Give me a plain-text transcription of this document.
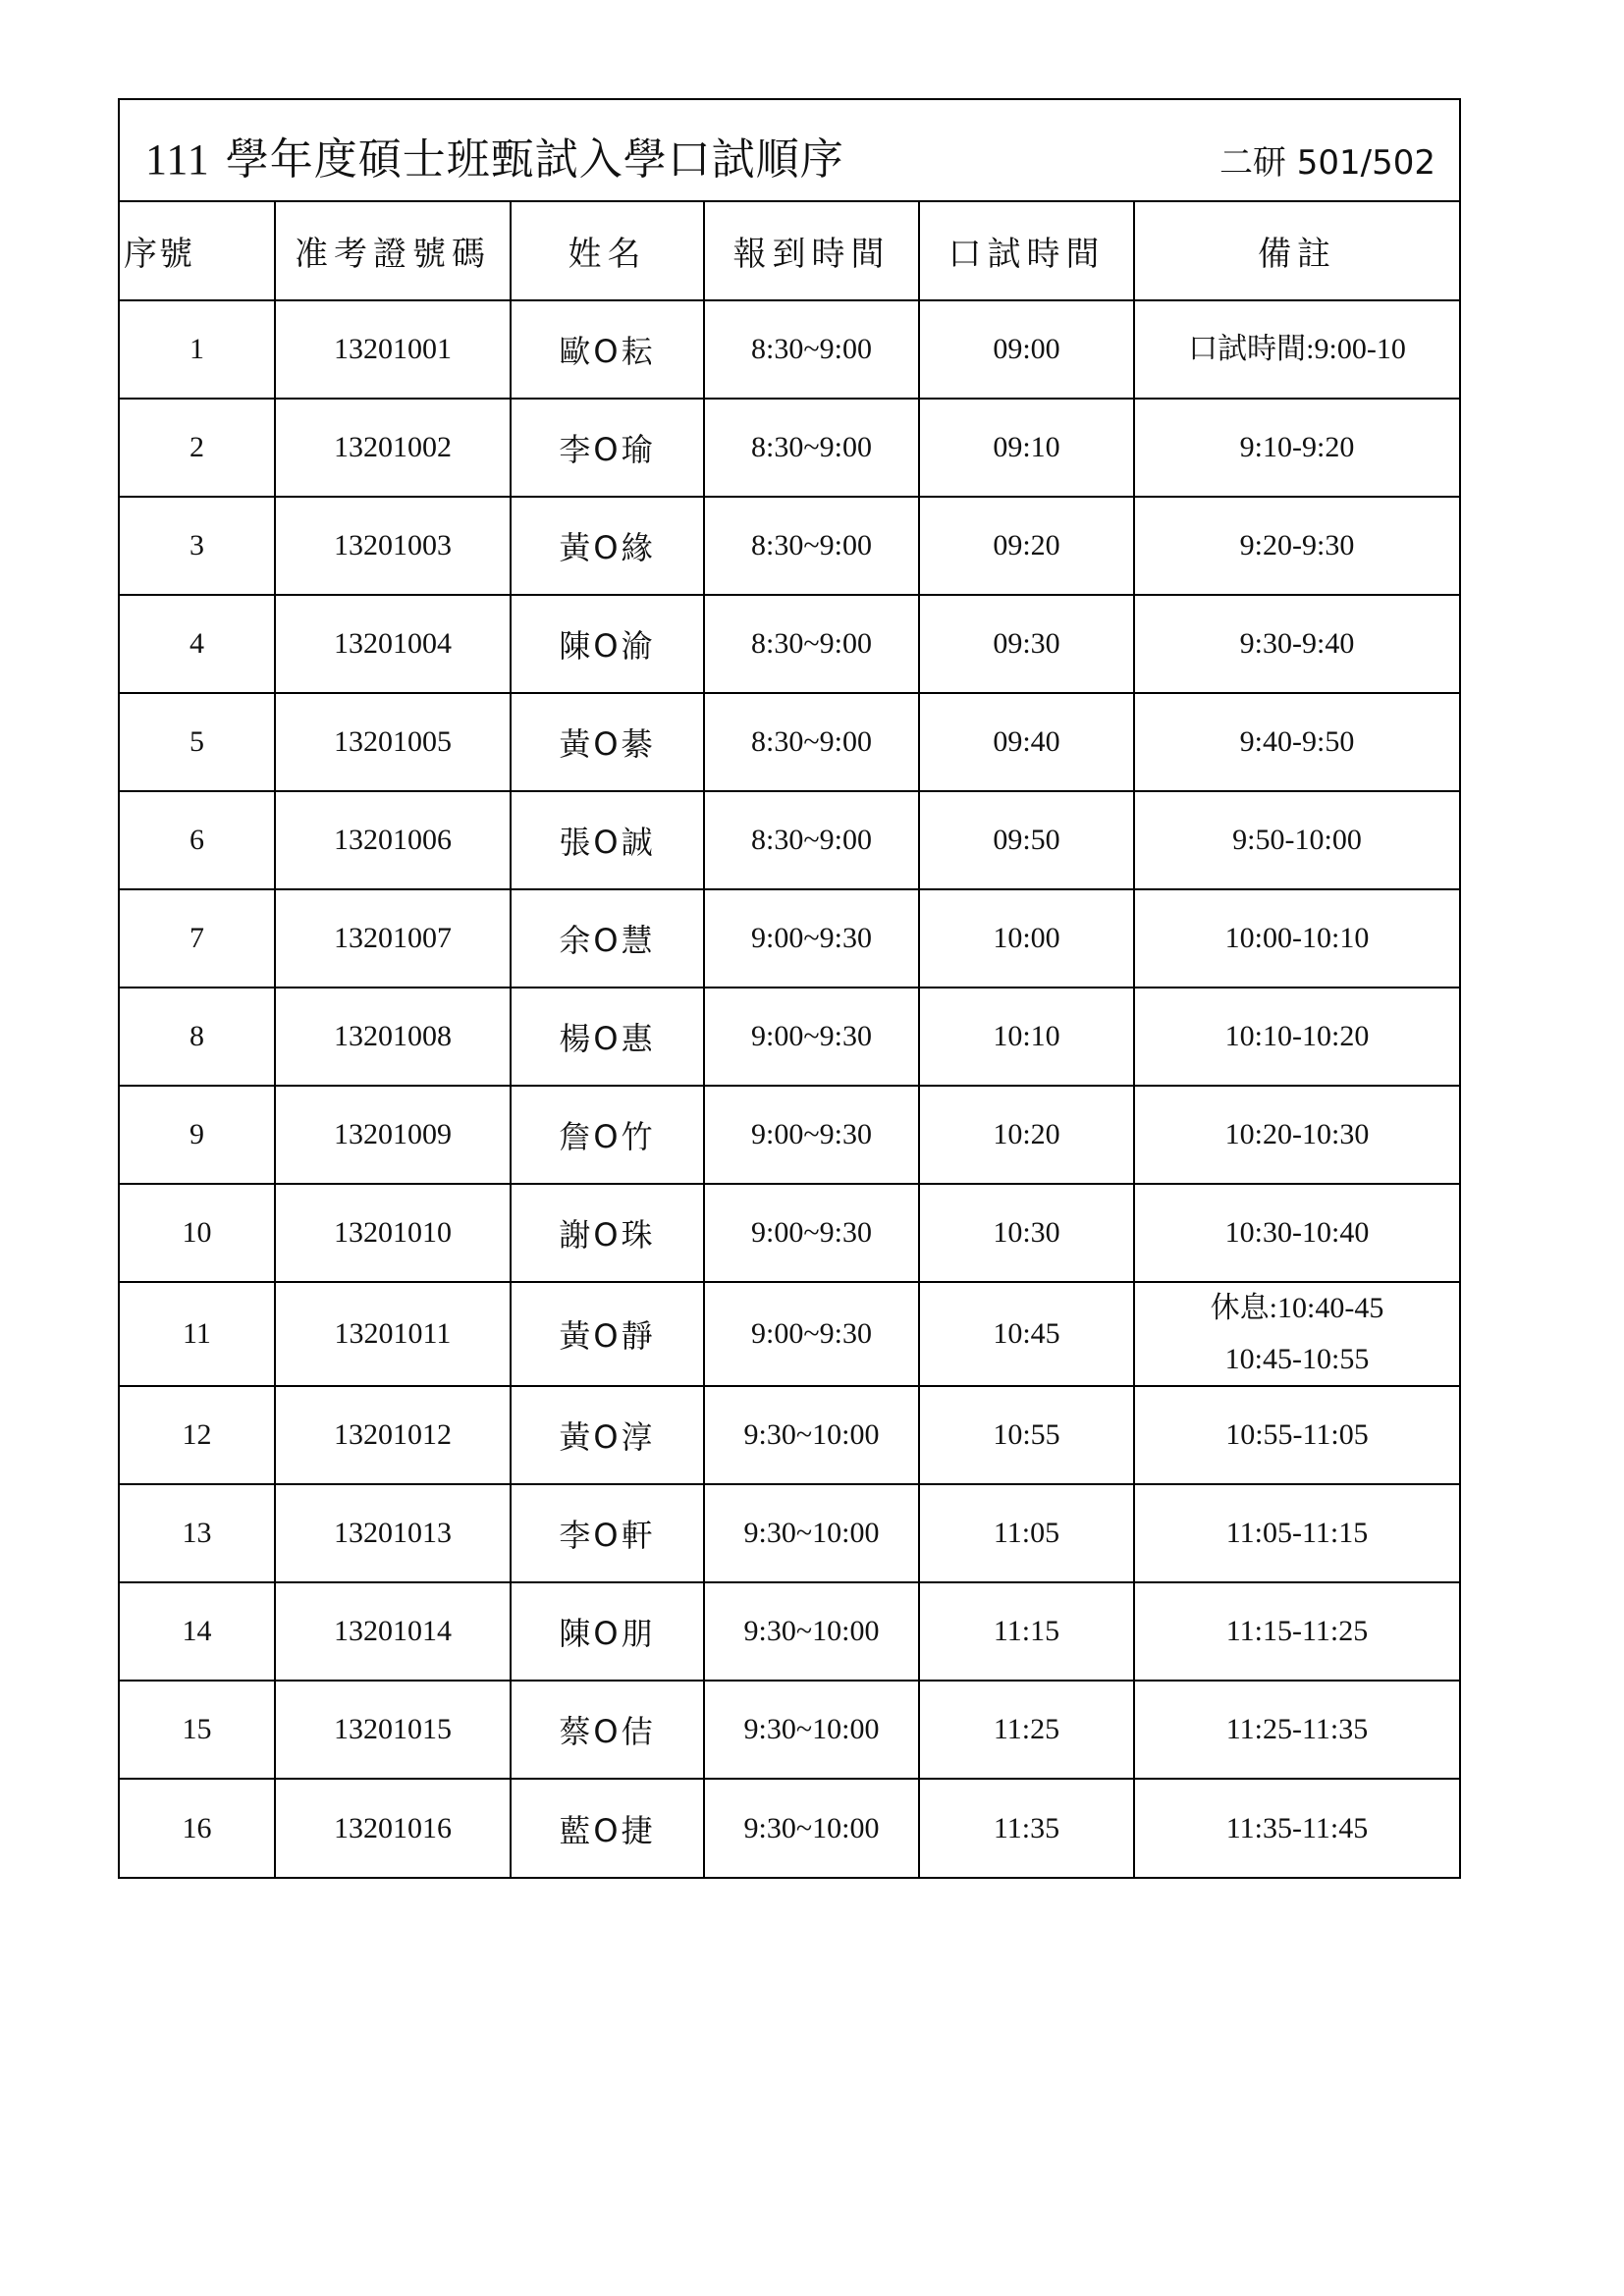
111 學年度碩士班甄試入學口試順序	二研 501/502
序號	准考證號碼	姓名	報到時間	口試時間	備註
1	13201001	歐O耘	8:30~9:00	09:00	口試時間:9:00-10

2	13201002	李O瑜	8:30~9:00	09:10	9:10-9:20

3	13201003	黃O緣	8:30~9:00	09:20	9:20-9:30

4	13201004	陳O渝	8:30~9:00	09:30	9:30-9:40

5	13201005	黃O綦	8:30~9:00	09:40	9:40-9:50

6	13201006	張O誠	8:30~9:00	09:50	9:50-10:00

7	13201007	余O慧	9:00~9:30	10:00	10:00-10:10

8	13201008	楊O惠	9:00~9:30	10:10	10:10-10:20

9	13201009	詹O竹	9:00~9:30	10:20	10:20-10:30

10	13201010	謝O珠	9:00~9:30	10:30	10:30-10:40

11	13201011	黃O靜	9:00~9:30	10:45	休息:10:40-45
10:45-10:55

12	13201012	黃O淳	9:30~10:00	10:55	10:55-11:05

13	13201013	李O軒	9:30~10:00	11:05	11:05-11:15

14	13201014	陳O朋	9:30~10:00	11:15	11:15-11:25

15	13201015	蔡O佶	9:30~10:00	11:25	11:25-11:35

16	13201016	藍O捷	9:30~10:00	11:35	11:35-11:45
